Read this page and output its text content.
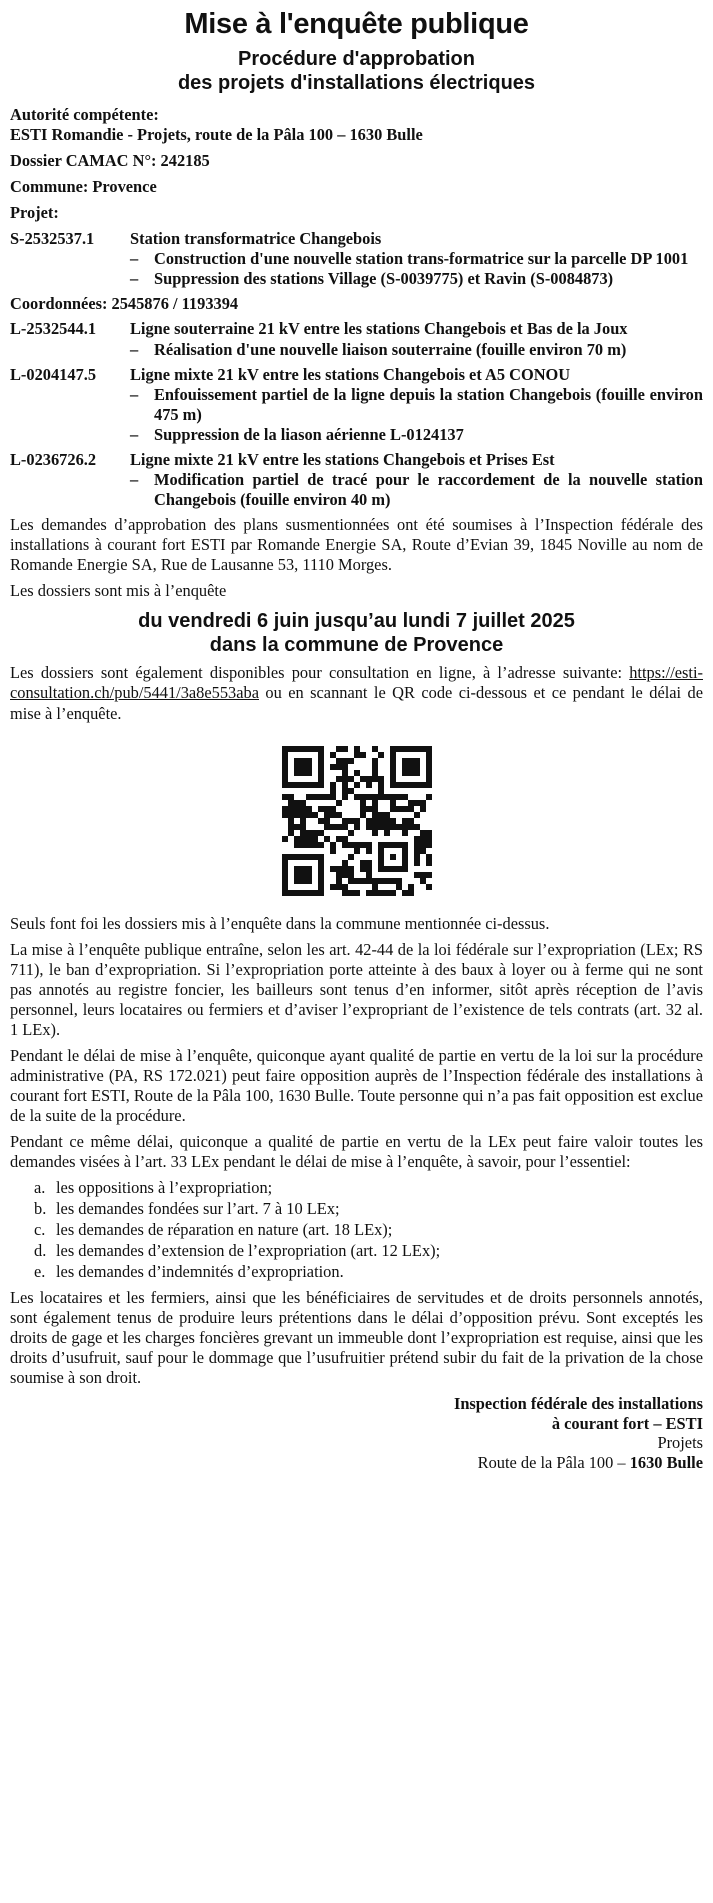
Mise à l'enquête publique
Procédure d'approbation
des projets d'installations électriques
Autorité compétente:
ESTI Romandie - Projets, route de la Pâla 100 – 1630 Bulle
Dossier CAMAC N°: 242185
Commune: Provence
Projet:
S-2532537.1	Station transformatrice Changebois
– Construction d'une nouvelle station trans-formatrice sur la parcelle DP 1001
– Suppression des stations Village (S-0039775) et Ravin (S-0084873)
Coordonnées: 2545876 / 1193394
L-2532544.1	Ligne souterraine 21 kV entre les stations Changebois et Bas de la Joux
– Réalisation d'une nouvelle liaison souterraine (fouille environ 70 m)
L-0204147.5	Ligne mixte 21 kV entre les stations Changebois et A5 CONOU
– Enfouissement partiel de la ligne depuis la station Changebois (fouille environ 475 m)
– Suppression de la liason aérienne L-0124137
L-0236726.2	Ligne mixte 21 kV entre les stations Changebois et Prises Est
– Modification partiel de tracé pour le raccordement de la nouvelle station Changebois (fouille environ 40 m)
Les demandes d’approbation des plans susmentionnées ont été soumises à l’Inspection fédérale des installations à courant fort ESTI par Romande Energie SA, Route d’Evian 39, 1845 Noville au nom de Romande Energie SA, Rue de Lausanne 53, 1110 Morges.
Les dossiers sont mis à l’enquête
du vendredi 6 juin jusqu’au lundi 7 juillet 2025
dans la commune de Provence
Les dossiers sont également disponibles pour consultation en ligne, à l’adresse suivante: https://esti-consultation.ch/pub/5441/3a8e553aba ou en scannant le QR code ci-dessous et ce pendant le délai de mise à l’enquête.
Seuls font foi les dossiers mis à l’enquête dans la commune mentionnée ci-dessus.
La mise à l’enquête publique entraîne, selon les art. 42-44 de la loi fédérale sur l’expropriation (LEx; RS 711), le ban d’expropriation. Si l’expropriation porte atteinte à des baux à loyer ou à ferme qui ne sont pas annotés au registre foncier, les bailleurs sont tenus d’en informer, sitôt après réception de l’avis personnel, leurs locataires ou fermiers et d’aviser l’expropriant de l’existence de tels contrats (art. 32 al. 1 LEx).
Pendant le délai de mise à l’enquête, quiconque ayant qualité de partie en vertu de la loi sur la procédure administrative (PA, RS 172.021) peut faire opposition auprès de l’Inspection fédérale des installations à courant fort ESTI, Route de la Pâla 100, 1630 Bulle. Toute personne qui n’a pas fait opposition est exclue de la suite de la procédure.
Pendant ce même délai, quiconque a qualité de partie en vertu de la LEx peut faire valoir toutes les demandes visées à l’art. 33 LEx pendant le délai de mise à l’enquête, à savoir, pour l’essentiel:
a. les oppositions à l’expropriation;
b. les demandes fondées sur l’art. 7 à 10 LEx;
c. les demandes de réparation en nature (art. 18 LEx);
d. les demandes d’extension de l’expropriation (art. 12 LEx);
e. les demandes d’indemnités d’expropriation.
Les locataires et les fermiers, ainsi que les bénéficiaires de servitudes et de droits personnels annotés, sont également tenus de produire leurs prétentions dans le délai d’opposition prévu. Sont exceptés les droits de gage et les charges foncières grevant un immeuble dont l’expropriation est requise, ainsi que les droits d’usufruit, sauf pour le dommage que l’usufruitier prétend subir du fait de la privation de la chose soumise à son droit.
Inspection fédérale des installations
à courant fort – ESTI
Projets
Route de la Pâla 100 – 1630 Bulle
